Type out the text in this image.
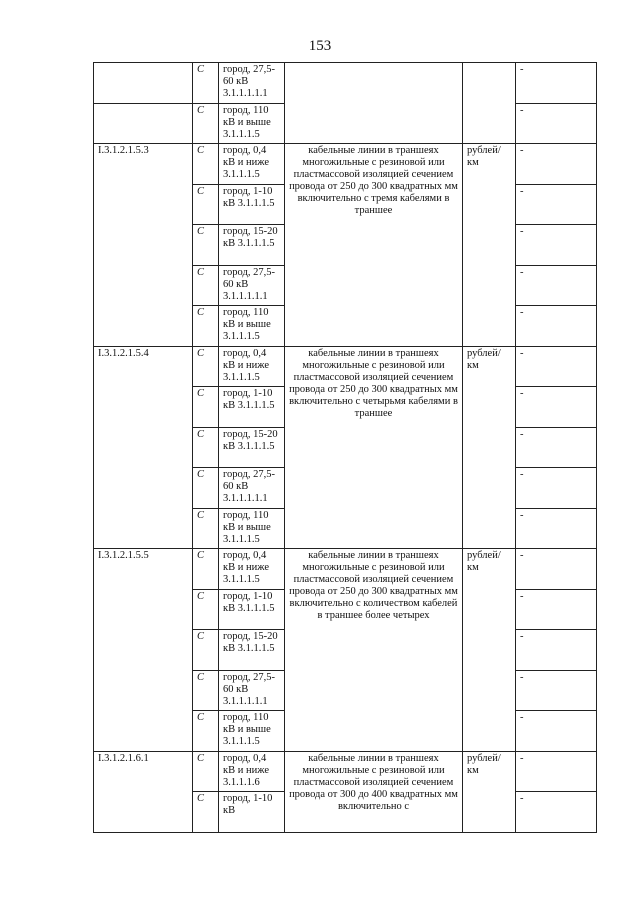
153
	C	город, 27,5-60 кВ 3.1.1.1.1.1			-
	C	город, 110 кВ и выше 3.1.1.1.5			-
I.3.1.2.1.5.3	C	город, 0,4 кВ и ниже 3.1.1.1.5	кабельные линии в траншеях многожильные с резиновой или пластмассовой изоляцией сечением провода от 250 до 300 квадратных мм включительно с тремя кабелями в траншее	рублей/ км	-
	C	город, 1-10 кВ 3.1.1.1.5			-
	C	город, 15-20 кВ 3.1.1.1.5			-
	C	город, 27,5-60 кВ 3.1.1.1.1.1			-
	C	город, 110 кВ и выше 3.1.1.1.5			-
I.3.1.2.1.5.4	C	город, 0,4 кВ и ниже 3.1.1.1.5	кабельные линии в траншеях многожильные с резиновой или пластмассовой изоляцией сечением провода от 250 до 300 квадратных мм включительно с четырьмя кабелями в траншее	рублей/ км	-
	C	город, 1-10 кВ 3.1.1.1.5			-
	C	город, 15-20 кВ 3.1.1.1.5			-
	C	город, 27,5-60 кВ 3.1.1.1.1.1			-
	C	город, 110 кВ и выше 3.1.1.1.5			-
I.3.1.2.1.5.5	C	город, 0,4 кВ и ниже 3.1.1.1.5	кабельные линии в траншеях многожильные с резиновой или пластмассовой изоляцией сечением провода от 250 до 300 квадратных мм включительно с количеством кабелей в траншее более четырех	рублей/ км	-
	C	город, 1-10 кВ 3.1.1.1.5			-
	C	город, 15-20 кВ 3.1.1.1.5			-
	C	город, 27,5-60 кВ 3.1.1.1.1.1			-
	C	город, 110 кВ и выше 3.1.1.1.5			-
I.3.1.2.1.6.1	C	город, 0,4 кВ и ниже 3.1.1.1.6	кабельные линии в траншеях многожильные с резиновой или пластмассовой изоляцией сечением провода от 300 до 400 квадратных мм включительно с	рублей/ км	-
	C	город, 1-10 кВ			-
